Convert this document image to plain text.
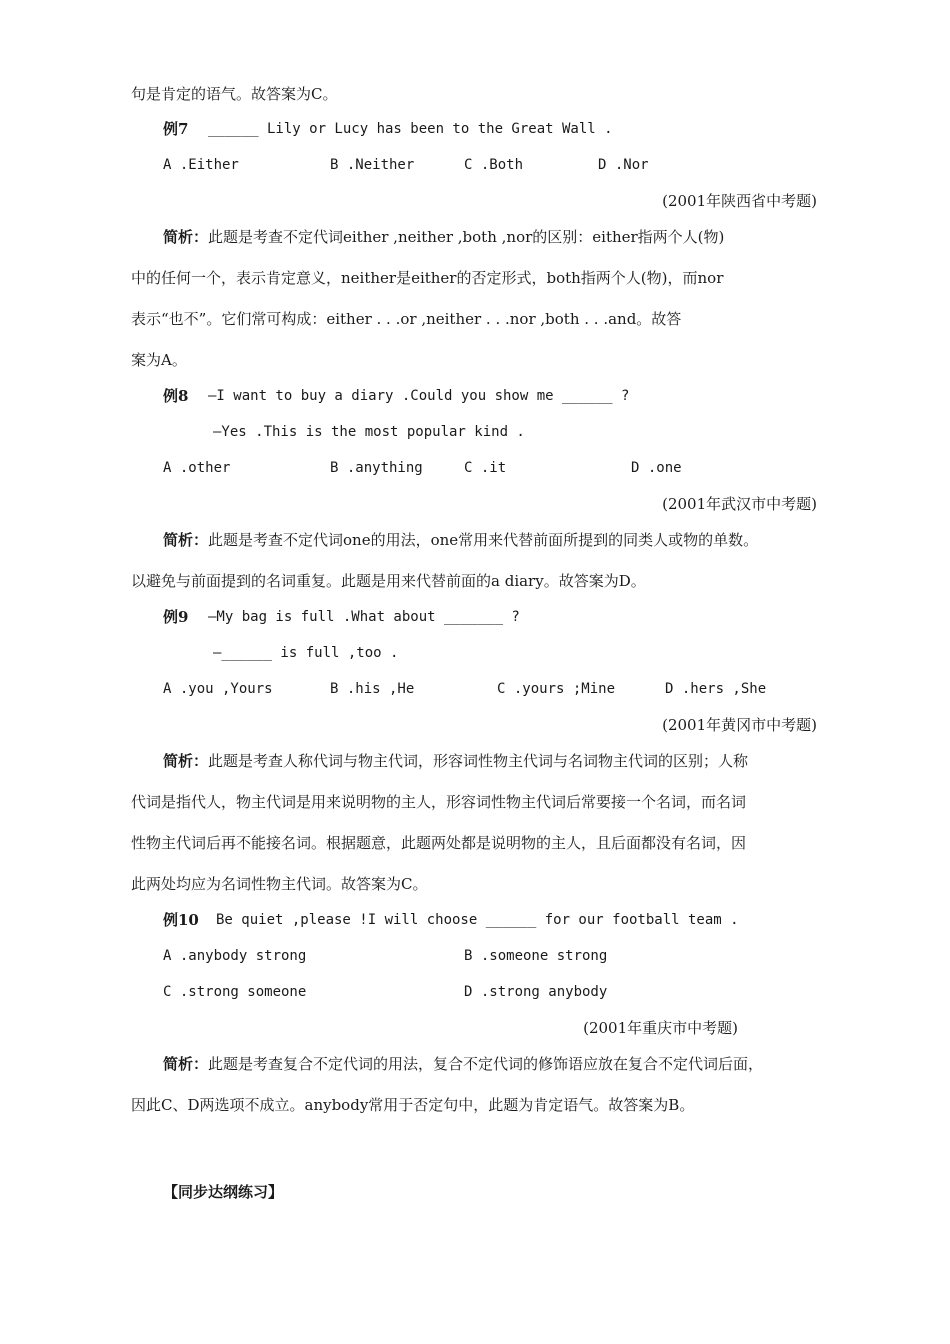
句是肯定的语气。故答案为C。
例7 ______ Lily or Lucy has been to the Great Wall .
A .Either	B .Neither	C .Both	D .Nor
(2001年陕西省中考题)
简析： 此题是考查不定代词either ,neither ,both ,nor的区别：either指两个人(物)
中的任何一个，表示肯定意义，neither是either的否定形式，both指两个人(物)，而nor
表示“也不”。它们常可构成：either . . .or ,neither . . .nor ,both . . .and。故答
案为A。
例8 —I want to buy a diary .Could you show me ______ ?
—Yes .This is the most popular kind .
A .other	B .anything	C .it	D .one
(2001年武汉市中考题)
简析： 此题是考查不定代词one的用法，one常用来代替前面所提到的同类人或物的单数。
以避免与前面提到的名词重复。此题是用来代替前面的a diary。故答案为D。
例9 —My bag is full .What about _______ ?
—______ is full ,too .
A .you ,Yours	B .his ,He	C .yours ;Mine	D .hers ,She
(2001年黄冈市中考题)
简析： 此题是考查人称代词与物主代词，形容词性物主代词与名词物主代词的区别；人称
代词是指代人，物主代词是用来说明物的主人，形容词性物主代词后常要接一个名词，而名词
性物主代词后再不能接名词。根据题意，此题两处都是说明物的主人，且后面都没有名词，因
此两处均应为名词性物主代词。故答案为C。
例10 Be quiet ,please !I will choose ______ for our football team .
A .anybody strong	B .someone strong
C .strong someone	D .strong anybody
(2001年重庆市中考题)
简析： 此题是考查复合不定代词的用法，复合不定代词的修饰语应放在复合不定代词后面，
因此C、D两选项不成立。anybody常用于否定句中，此题为肯定语气。故答案为B。
【同步达纲练习】
